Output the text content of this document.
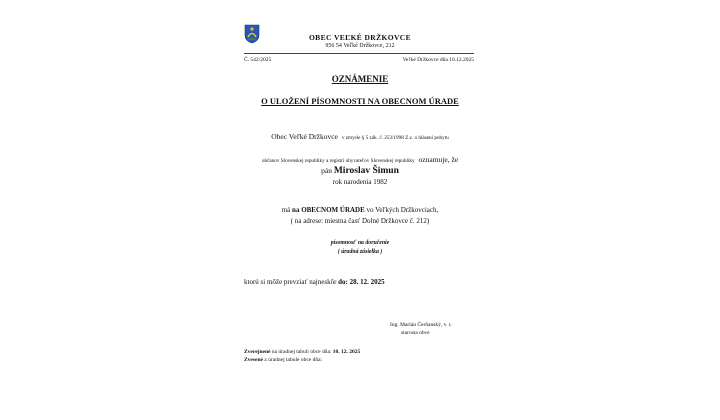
OBEC VEĽKÉ DRŽKOVCE
956 54 Veľké Držkovce, 212
Č. 542/2025	Veľké Držkovce dňa 10.12.2025
OZNÁMENIE
O ULOŽENÍ PÍSOMNOSTI NA OBECNOM ÚRADE
Obec Veľké Držkovce v zmysle § 5 zák. č. 253/1998 Z.z. o hlásení pobytu
občanov Slovenskej republiky a registri obyvateľov Slovenskej republiky oznamuje, že
pán Miroslav Šimun
rok narodenia 1982
má na OBECNOM ÚRADE vo Veľkých Držkovciach,
( na adrese: miestna časť Dolné Držkovce č. 212)
písomnosť na doručenie
( úradná zásielka )
ktorú si môže prevziať najneskôr do: 28. 12. 2025
Ing. Marián Čerňanský, v. r.
starosta obce
Zverejnené na úradnej tabuli obce dňa: 10. 12. 2025
Zvesené z úradnej tabule obce dňa:
